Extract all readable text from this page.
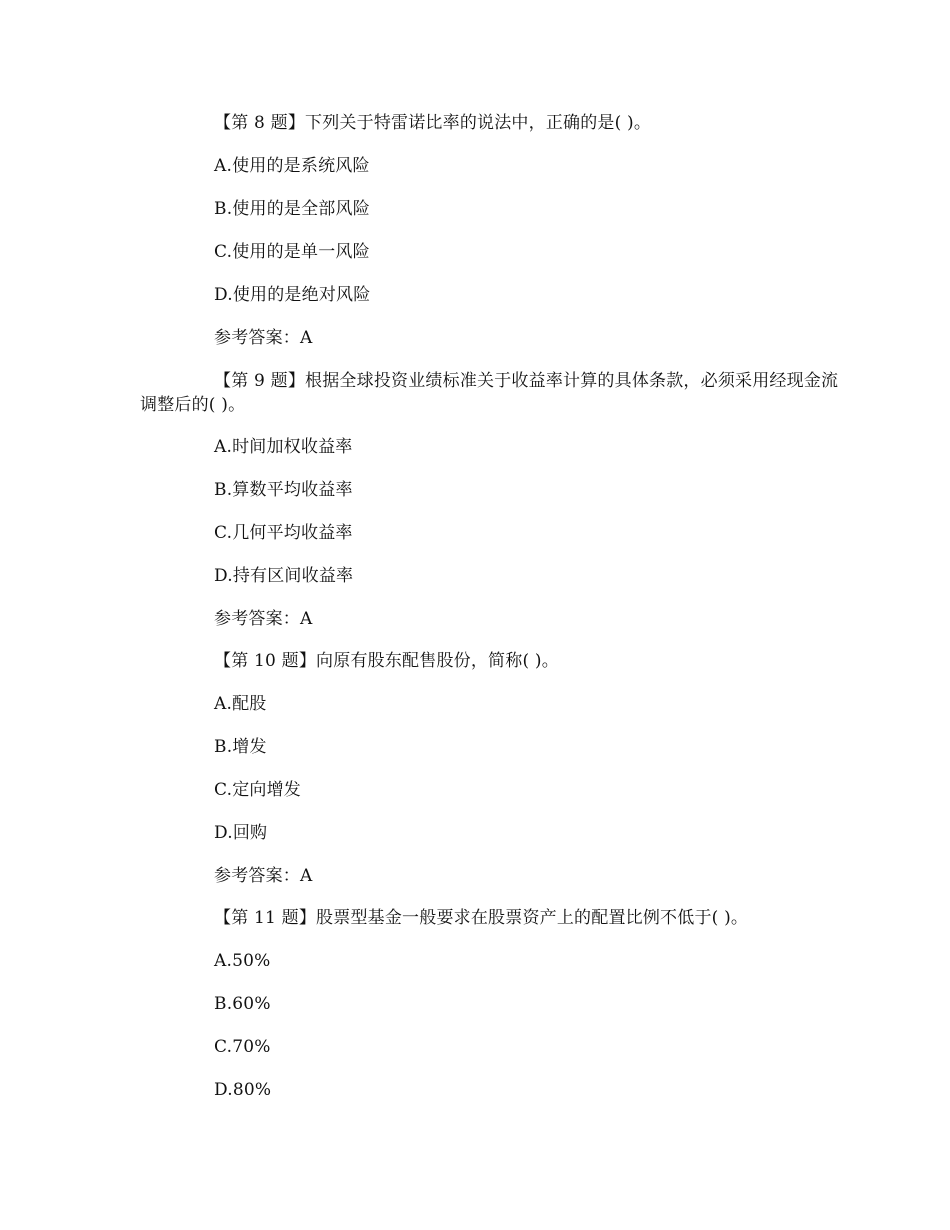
【第 8 题】下列关于特雷诺比率的说法中，正确的是( )。
A.使用的是系统风险
B.使用的是全部风险
C.使用的是单一风险
D.使用的是绝对风险
参考答案：A
【第 9 题】根据全球投资业绩标准关于收益率计算的具体条款，必须采用经现金流调整后的( )。
A.时间加权收益率
B.算数平均收益率
C.几何平均收益率
D.持有区间收益率
参考答案：A
【第 10 题】向原有股东配售股份，简称( )。
A.配股
B.增发
C.定向增发
D.回购
参考答案：A
【第 11 题】股票型基金一般要求在股票资产上的配置比例不低于( )。
A.50%
B.60%
C.70%
D.80%
